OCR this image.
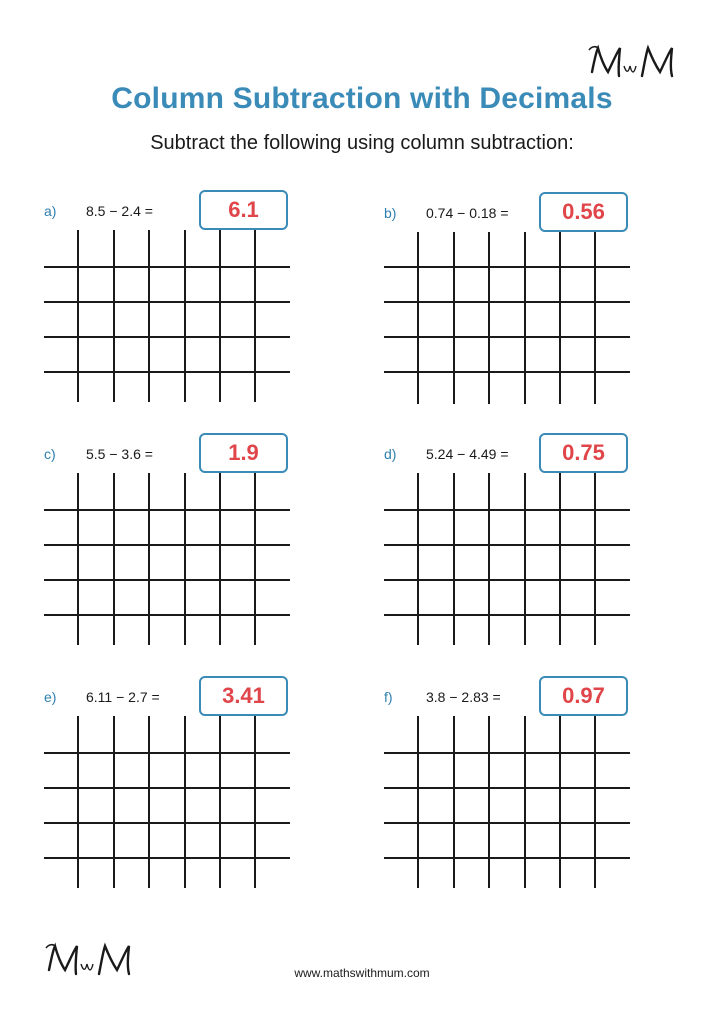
Column Subtraction with Decimals
Subtract the following using column subtraction:
a) 8.5 − 2.4 =	6.1	b) 0.74 − 0.18 =	0.56
c) 5.5 − 3.6 =	1.9	d) 5.24 − 4.49 =	0.75
e) 6.11 − 2.7 =	3.41	f) 3.8 − 2.83 =	0.97
www.mathswithmum.com
